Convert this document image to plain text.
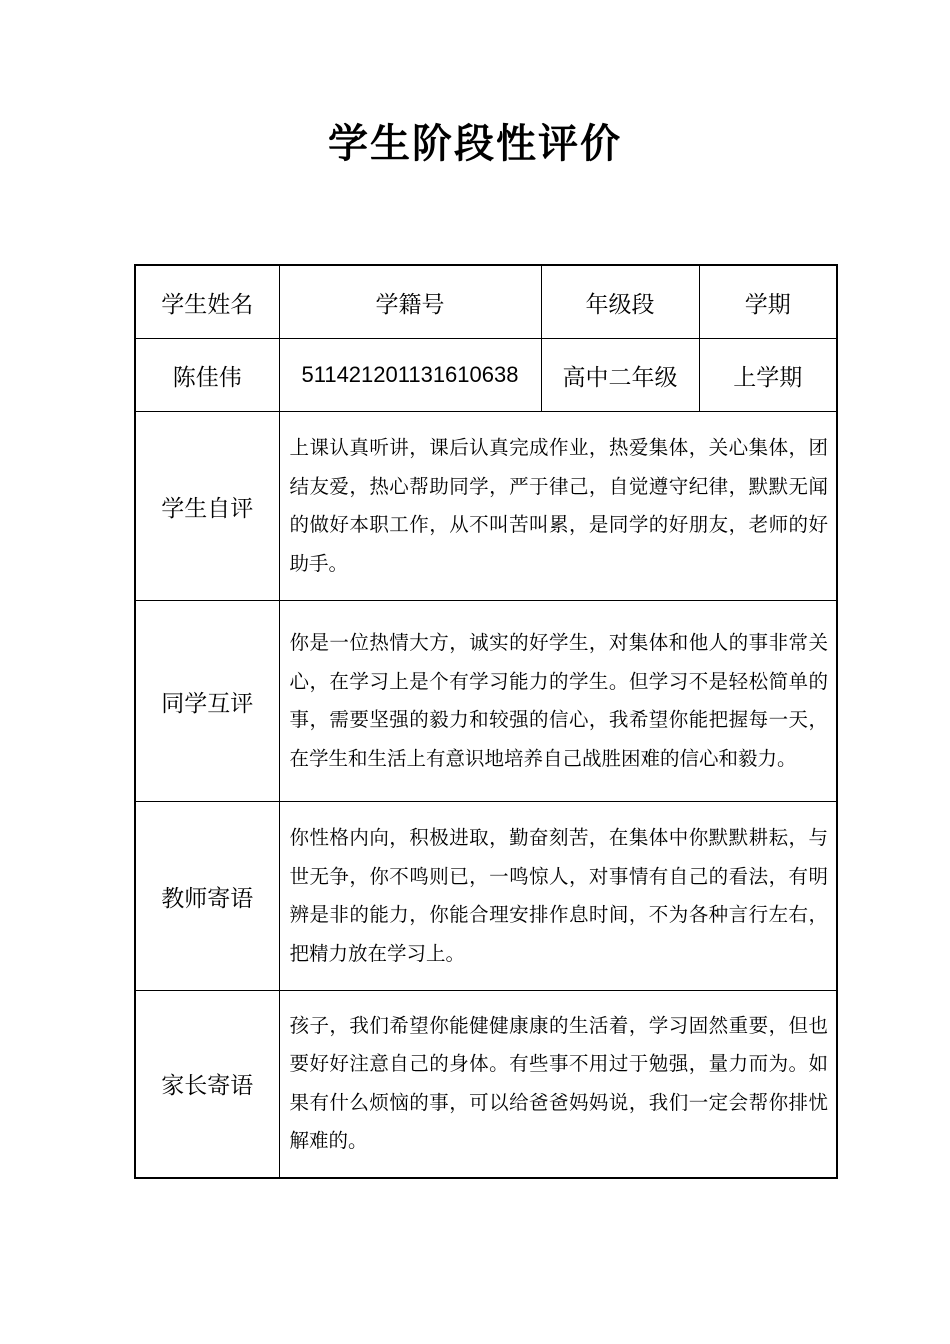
学生阶段性评价
学生姓名	学籍号	年级段	学期
陈佳伟	511421201131610638	高中二年级	上学期
学生自评	上课认真听讲，课后认真完成作业，热爱集体，关心集体，团结友爱，热心帮助同学，严于律己，自觉遵守纪律，默默无闻的做好本职工作，从不叫苦叫累，是同学的好朋友，老师的好助手。		
同学互评	你是一位热情大方，诚实的好学生，对集体和他人的事非常关心，在学习上是个有学习能力的学生。但学习不是轻松简单的事，需要坚强的毅力和较强的信心，我希望你能把握每一天，在学生和生活上有意识地培养自己战胜困难的信心和毅力。		
教师寄语	你性格内向，积极进取，勤奋刻苦，在集体中你默默耕耘，与世无争，你不鸣则已，一鸣惊人，对事情有自己的看法，有明辨是非的能力，你能合理安排作息时间，不为各种言行左右，把精力放在学习上。		
家长寄语	孩子，我们希望你能健健康康的生活着，学习固然重要，但也要好好注意自己的身体。有些事不用过于勉强，量力而为。如果有什么烦恼的事，可以给爸爸妈妈说，我们一定会帮你排忧解难的。		
